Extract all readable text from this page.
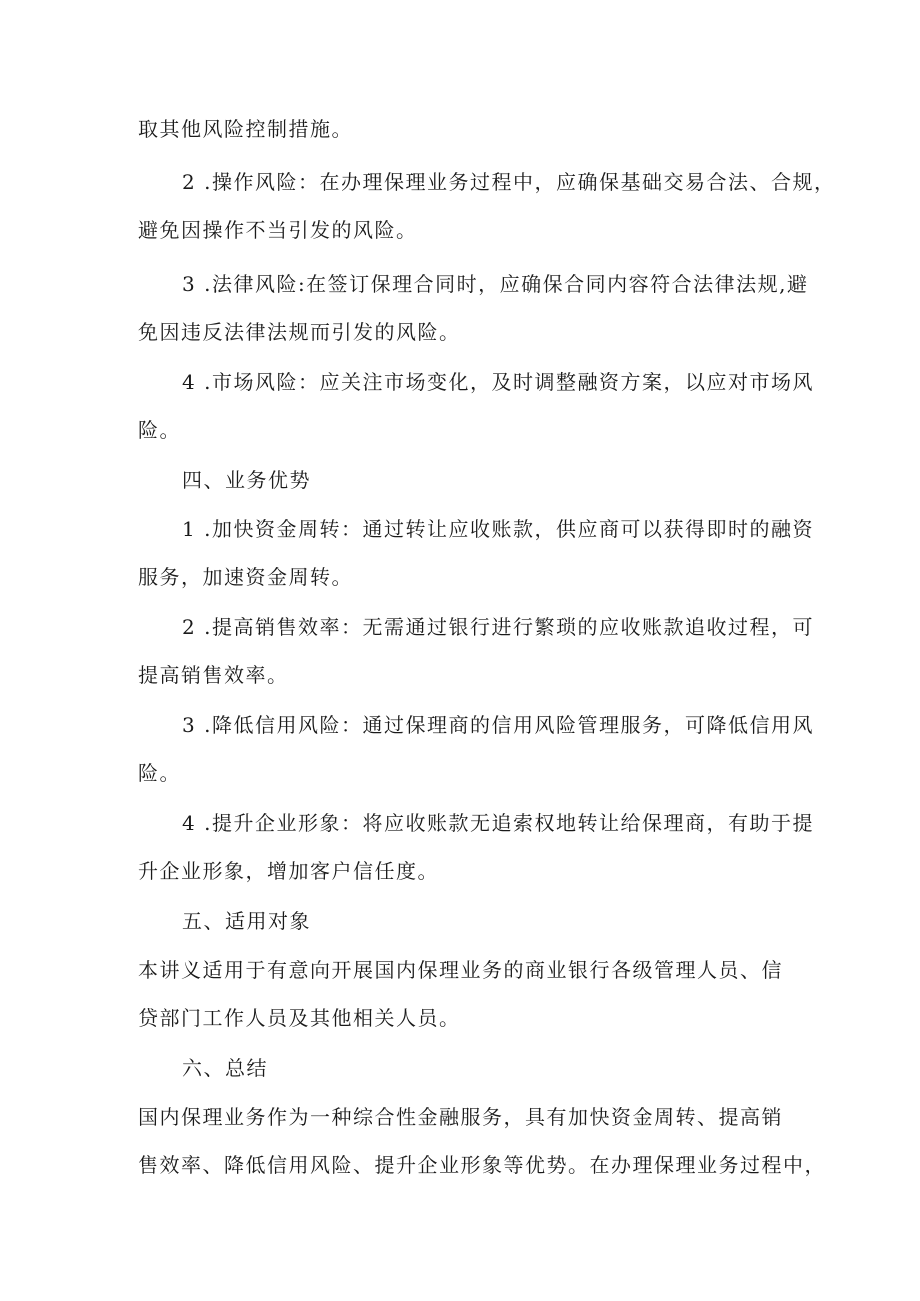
取其他风险控制措施。

2 .操作风险：在办理保理业务过程中，应确保基础交易合法、合规，
避免因操作不当引发的风险。

3 .法律风险:在签订保理合同时，应确保合同内容符合法律法规,避
免因违反法律法规而引发的风险。

4 .市场风险：应关注市场变化，及时调整融资方案，以应对市场风
险。

四、业务优势

1 .加快资金周转：通过转让应收账款，供应商可以获得即时的融资
服务，加速资金周转。

2 .提高销售效率：无需通过银行进行繁琐的应收账款追收过程，可
提高销售效率。

3 .降低信用风险：通过保理商的信用风险管理服务，可降低信用风
险。

4 .提升企业形象：将应收账款无追索权地转让给保理商，有助于提
升企业形象，增加客户信任度。

五、适用对象

本讲义适用于有意向开展国内保理业务的商业银行各级管理人员、信
贷部门工作人员及其他相关人员。

六、总结

国内保理业务作为一种综合性金融服务，具有加快资金周转、提高销
售效率、降低信用风险、提升企业形象等优势。在办理保理业务过程中，
